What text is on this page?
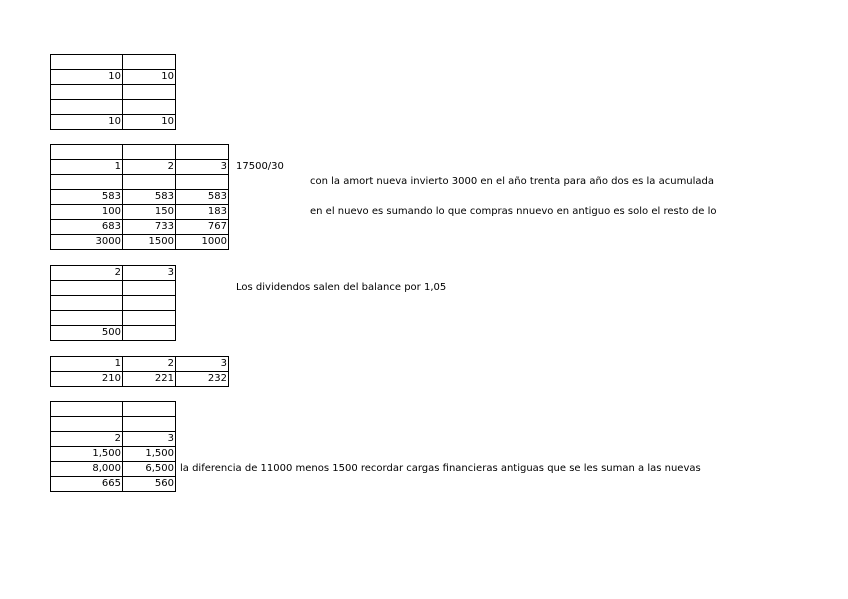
10	10

10	10

1	2	3

583	583	583
100	150	183
683	733	767
3000	1500	1000
17500/30
con la amort nueva invierto 3000 en el año trenta para año dos es la acumulada
en el nuevo es sumando lo que compras nnuevo en antiguo es solo el resto de lo
2	3

500	
Los dividendos salen del balance por 1,05
1	2	3
210	221	232

2	3
1,500	1,500
8,000	6,500
665	560
la diferencia de 11000 menos 1500 recordar cargas financieras antiguas que se les suman a las nuevas
